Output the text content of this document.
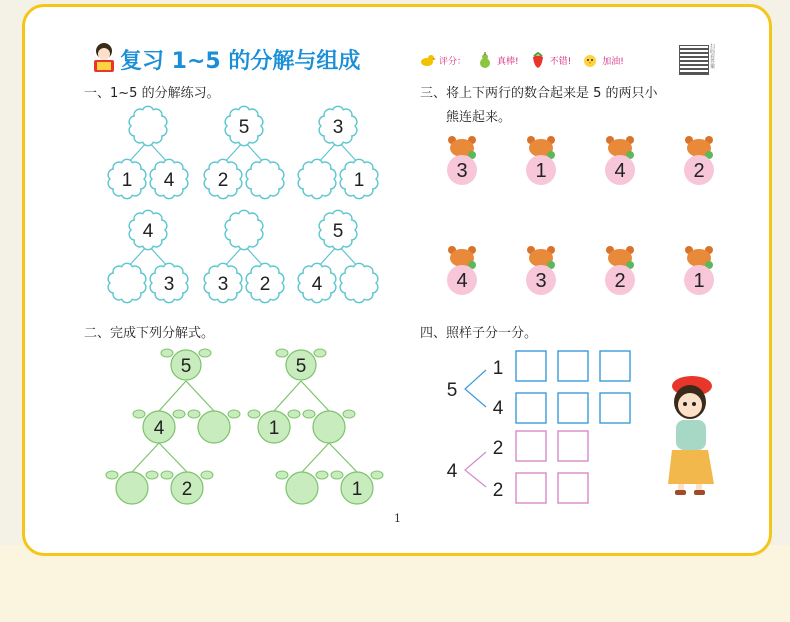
复习 1~5 的分解与组成	评分：	真棒!	不错!	加油!
扫码看答案
一、1~5 的分解练习。
二、完成下列分解式。
三、将上下两行的数合起来是 5 的两只小
熊连起来。
四、照样子分一分。
1 4
5
2
3
1
4
3 3 2
5
4
5
4
2
5
1
1
3	1	4	2
4	3	2	1
5
1
4
4
2
2
1
